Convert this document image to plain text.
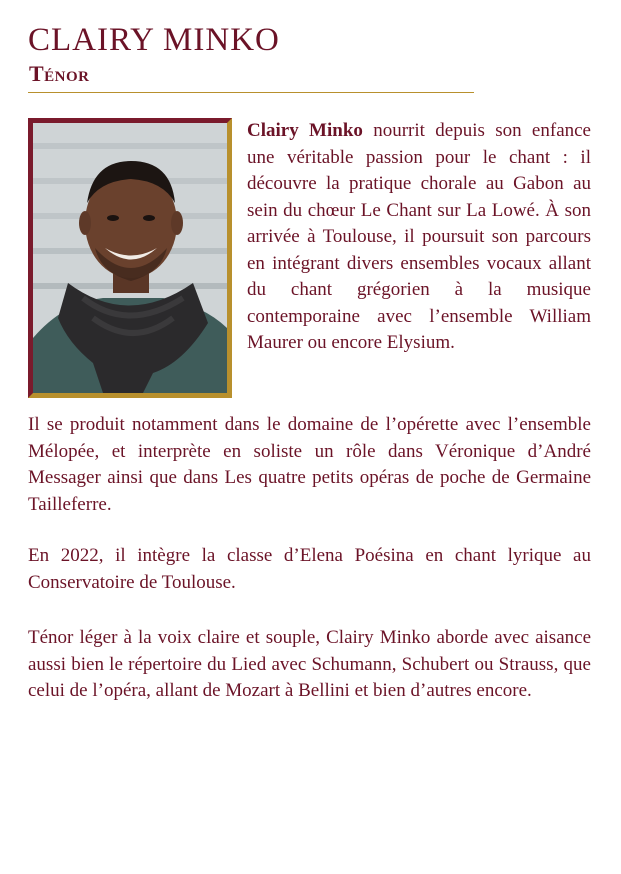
CLAIRY MINKO
Ténor

Clairy Minko nourrit depuis son enfance une véritable passion pour le chant : il découvre la pratique chorale au Gabon au sein du chœur Le Chant sur La Lowé. À son arrivée à Toulouse, il poursuit son parcours en intégrant divers ensembles vocaux allant du chant grégorien à la musique contemporaine avec l’ensemble William Maurer ou encore Elysium.

Il se produit notamment dans le domaine de l’opérette avec l’ensemble Mélopée, et interprète en soliste un rôle dans Véronique d’André Messager ainsi que dans Les quatre petits opéras de poche de Germaine Tailleferre.

En 2022, il intègre la classe d’Elena Poésina en chant lyrique au Conservatoire de Toulouse.

Ténor léger à la voix claire et souple, Clairy Minko aborde avec aisance aussi bien le répertoire du Lied avec Schumann, Schubert ou Strauss, que celui de l’opéra, allant de Mozart à Bellini et bien d’autres encore.
